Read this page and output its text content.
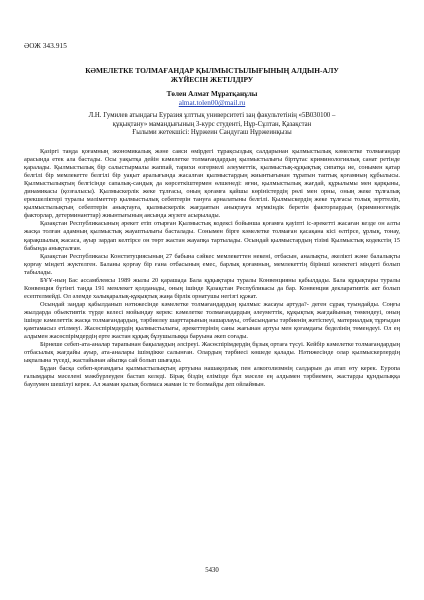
ӘОЖ 343.915
КӘМЕЛЕТКЕ ТОЛМАҒАНДАР ҚЫЛМЫСТЫЛЫҒЫНЫҢ АЛДЫН-АЛУ
ЖҮЙЕСІН ЖЕТІЛДІРУ
Төлен Алмат Мұратқанұлы
almat.tolen00@mail.ru
Л.Н. Гумилев атындағы Еуразия ұлттық университеті заң факультетінің «5В030100 –
құқықтану» мамандығының 3-курс студенті, Нұр-Сұлтан, Қазақстан
Ғылыми жетекшісі: Нұржеин Сандугаш Нұржеинқызы

Қазіргі таңда қоғамның экономикалық және саяси өмірдегі тұрақсыздық салдарынан қылмыстылық кәмелетке толмағандар арасында етек ала бастады. Осы уақытқа дейін кәмелетке толмағандардың қылмыстылығы біртұтас криминологиялық санат ретінде қаралады. Қылмыстылық бір салыстырмалы жаппай, тарихи өзгермелі әлеуметтік, қылмыстық-құқықтық сипатқа ие, сонымен қатар белгілі бір мемлекетте белгілі бір уақыт аралығында жасалған қылмыстардың жиынтығынан тұратын таптық қоғамның құбылысы. Қылмыстылықтың белгісінде сапалық-сандық да көрсеткіштермен өлшенеді: яғни, қылмыстылық жағдай, құрылымы мен қарқыны, динамикасы (қозғалысы). Қылмыскерлік жеке тұлғасы, оның қоғамға қайшы көріністердің рөлі мен орны, оның жеке тұлғалық ерекшеліктері туралы мәліметтер қылмыстылық себептерін тануға арналатыны белгілі. Қылмыскердің жеке тұлғасы толық зерттеліп, қылмыстылықтың себептерін анықтауға, қылмыскерлік жағдаятын анықтауға мүмкіндік беретін факторлардың (криминогендік факторлар, детерминанттар) жиынтығының аясында жүзеге асырылады.

Қазақстан Республикасының әрекет етіп отырған Қылмыстық кодексі бойынша қоғамға қауіпті іс-әрекетті жасаған кезде он алты жасқа толған адамның қылмыстық жауаптылығы басталады. Сонымен бірге кәмелетке толмаған қасақана кісі өлтірсе, ұрлық, тонау, қарақшылық жасаса, ауыр зардап келтірсе он төрт жастан жауапқа тартылады. Осындай қылмыстардың тізімі Қылмыстық кодекстің 15 бабында анықталған.

Қазақстан Республикасы Конституциясының 27 бабына сәйкес мемлекеттен некені, отбасын, аналықты, әкелікті және балалықты қорғау міндеті жүктелген. Баланы қорғау бір ғана отбасының емес, барлық қоғамның, мемлекеттің бірінші кезектегі міндеті болып табылады.

БҰҰ-ның Бас ассамблеясы 1989 жылы 20 қарашада Бала құқықтары туралы Конвенцияны қабылдады. Бала құқықтары туралы Конвенция бүгінгі таңда 191 мемлекет қолданады, оның ішінде Қазақстан Республикасы да бар. Конвенция декларативтік акт болып есептелмейді. Ол әлемде халықаралық-құқықтық жаңа бірлік орнатушы негізгі құжат.

Осындай заңдар қабылданып нәтижесінде кәмелетке толмағандардың қылмыс жасауы артуда?- деген сұрақ туындайды. Соңғы жылдарда обьективтік түрде келесі мойындау керек: кәмелетке толмағандардың әлеуметтік, құқықтық жағдайының төмендеуі, оның ішінде кәмелеттік жасқа толмағандардың, тәрбиелеу шарттарының нашарлауы, отбасындағы тәрбиенің жетіспеуі, материалдық тұрғыдан қамтамасыз етілмеуі. Жасөспірімдердің қылмыстылығы, әрекеттерінің саны жағынан артуы мен қоғамдағы беделінің төмендеуі. Ол ең алдымен жасөспірімдердің ерте жастан құқық бұзушылыққа баруына әкеп соғады.

Бірнеше себеп-ата-аналар тарапынан бақылаудың әлсіреуі. Жасөспірімдердің бұзық ортаға түсуі. Кейбір кәмелетке толмағандардың отбасылық жағдайы ауыр, ата-аналары ішімдікке салынған. Олардың тәрбиесі көшеде қалады. Нәтижесінде олар қылмыскерлердің ықпалына түседі, жастайынан айыпқа сай болып шығады.

Бұдан басқа себеп-қоғамдағы қылмыстылықтың артуына нашақорлық пен алкоголизмнің салдарын да атап өту керек. Еуропа ғалымдары мәселені мәжбүрлеуден бастап келеді. Бірақ біздің елімізде бұл мәселе ең алдымен тәрбиемен, жастарды құндылыққа баулумен шешілуі керек. Ал жаман қылық болмаса жаман іс те болмайды деп ойлаймын.

5430
